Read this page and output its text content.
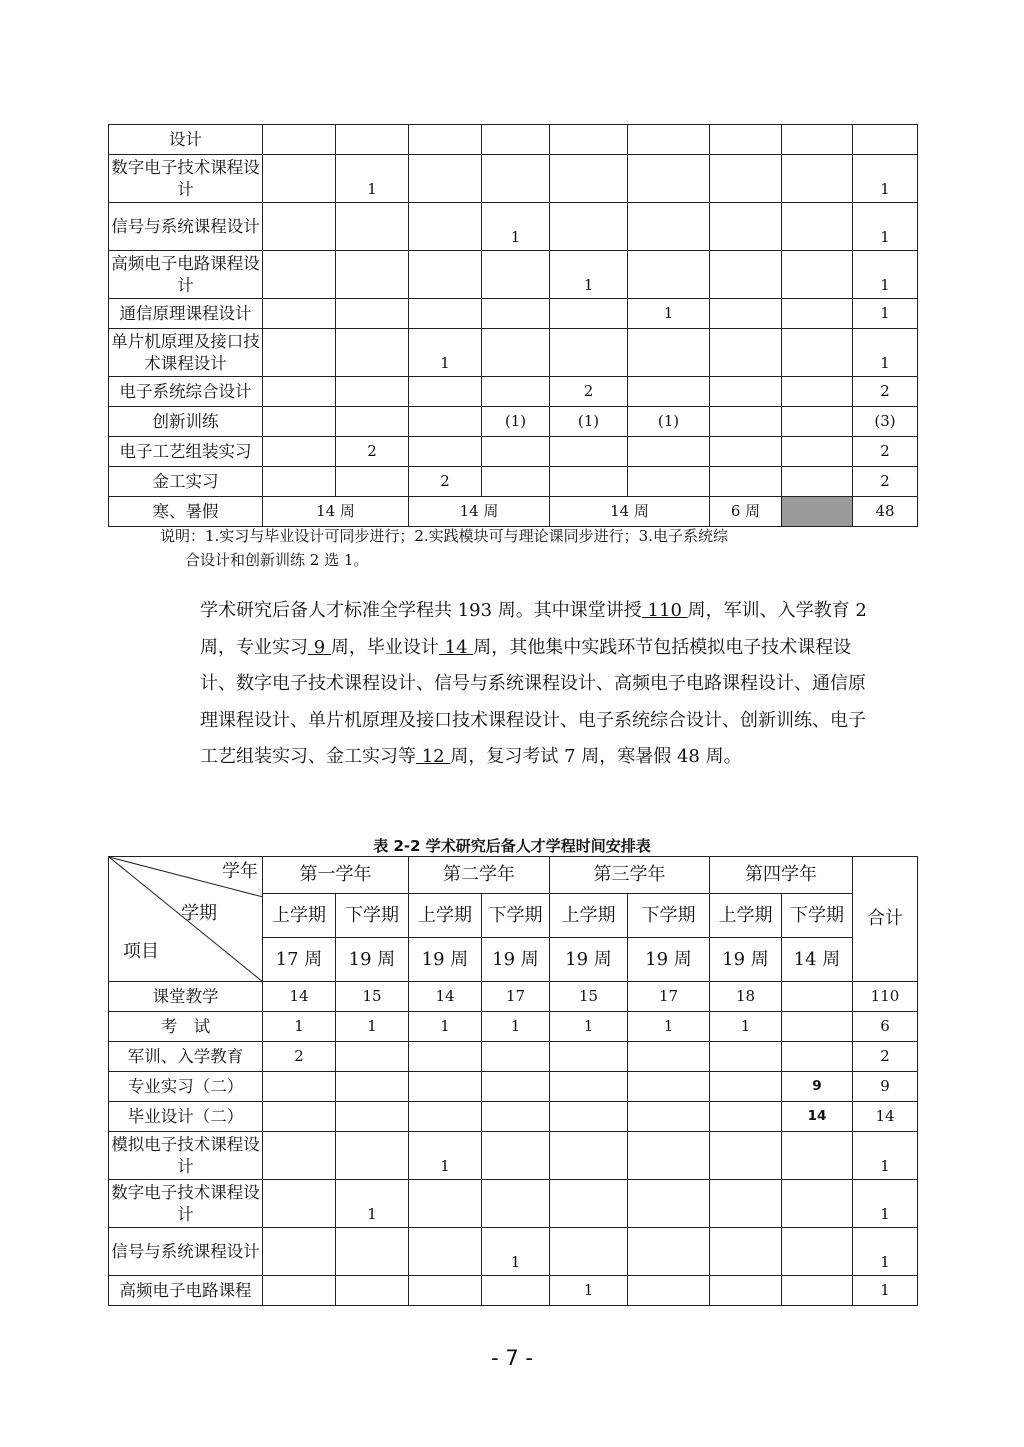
设计									
数字电子技术课程设计		1							1
信号与系统课程设计				1					1
高频电子电路课程设计					1				1
通信原理课程设计						1			1
单片机原理及接口技术课程设计			1						1
电子系统综合设计					2				2
创新训练				(1)	(1)	(1)			(3)
电子工艺组装实习		2							2
金工实习			2						2
寒、暑假	14 周		14 周		14 周		6 周		48
说明：1.实习与毕业设计可同步进行；2.实践模块可与理论课同步进行；3.电子系统综
合设计和创新训练 2 选 1。

学术研究后备人才标准全学程共 193 周。其中课堂讲授 110 周，军训、入学教育 2 周，专业实习 9 周，毕业设计 14 周，其他集中实践环节包括模拟电子技术课程设计、数字电子技术课程设计、信号与系统课程设计、高频电子电路课程设计、通信原理课程设计、单片机原理及接口技术课程设计、电子系统综合设计、创新训练、电子工艺组装实习、金工实习等 12 周，复习考试 7 周，寒暑假 48 周。

表 2-2 学术研究后备人才学程时间安排表
学年
学期
项目	第一学年		第二学年		第三学年		第四学年		合计
	上学期	下学期	上学期	下学期	上学期	下学期	上学期	下学期	
	17 周	19 周	19 周	19 周	19 周	19 周	19 周	14 周	
课堂教学	14	15	14	17	15	17	18		110
考　试	1	1	1	1	1	1	1		6
军训、入学教育	2								2
专业实习（二）								9	9
毕业设计（二）								14	14
模拟电子技术课程设计			1						1
数字电子技术课程设计		1							1
信号与系统课程设计				1					1
高频电子电路课程					1				1
- 7 -
